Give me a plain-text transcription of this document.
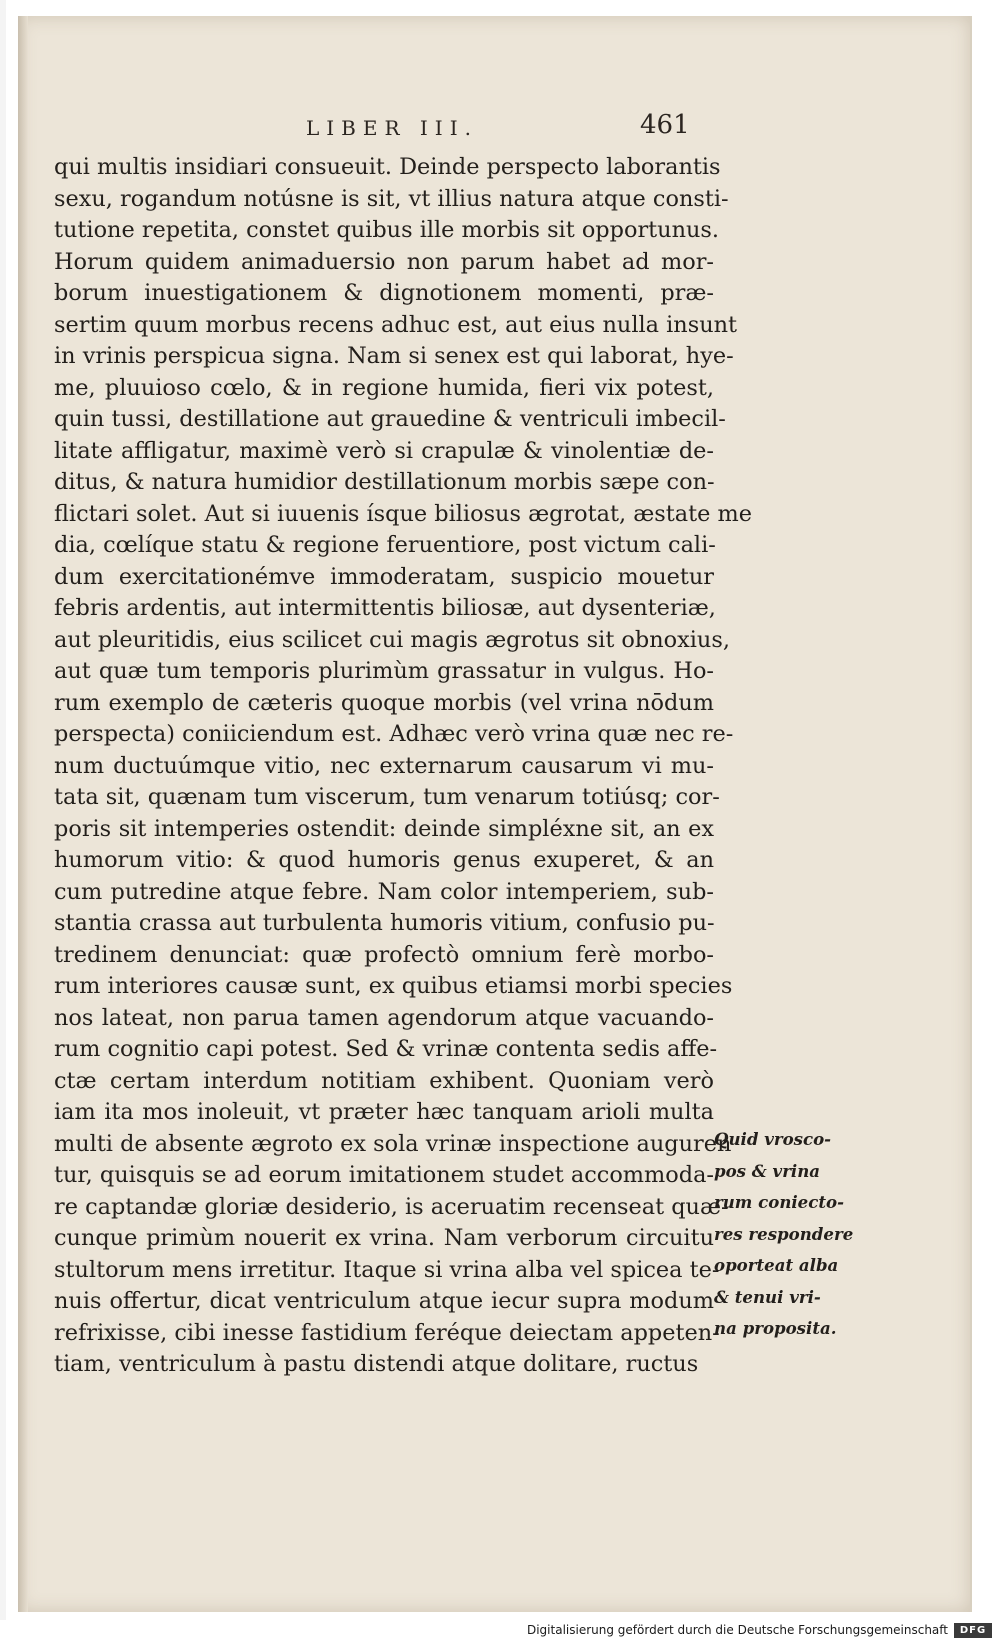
LIBER III.	461
qui multis insidiari consueuit. Deinde perspecto laborantis
sexu, rogandum notúsne is sit, vt illius natura atque consti-
tutione repetita, constet quibus ille morbis sit opportunus.
Horum quidem animaduersio non parum habet ad mor-
borum inuestigationem & dignotionem momenti, præ-
sertim quum morbus recens adhuc est, aut eius nulla insunt
in vrinis perspicua signa. Nam si senex est qui laborat, hye-
me, pluuioso cœlo, & in regione humida, fieri vix potest,
quin tussi, destillatione aut grauedine & ventriculi imbecil-
litate affligatur, maximè verò si crapulæ & vinolentiæ de-
ditus, & natura humidior destillationum morbis sæpe con-
flictari solet. Aut si iuuenis ísque biliosus ægrotat, æstate me
dia, cœlíque statu & regione feruentiore, post victum cali-
dum exercitationémve immoderatam, suspicio mouetur
febris ardentis, aut intermittentis biliosæ, aut dysenteriæ,
aut pleuritidis, eius scilicet cui magis ægrotus sit obnoxius,
aut quæ tum temporis plurimùm grassatur in vulgus. Ho-
rum exemplo de cæteris quoque morbis (vel vrina nōdum
perspecta) coniiciendum est. Adhæc verò vrina quæ nec re-
num ductuúmque vitio, nec externarum causarum vi mu-
tata sit, quænam tum viscerum, tum venarum totiúsq; cor-
poris sit intemperies ostendit: deinde simpléxne sit, an ex
humorum vitio: & quod humoris genus exuperet, & an
cum putredine atque febre. Nam color intemperiem, sub-
stantia crassa aut turbulenta humoris vitium, confusio pu-
tredinem denunciat: quæ profectò omnium ferè morbo-
rum interiores causæ sunt, ex quibus etiamsi morbi species
nos lateat, non parua tamen agendorum atque vacuando-
rum cognitio capi potest. Sed & vrinæ contenta sedis affe-
ctæ certam interdum notitiam exhibent. Quoniam verò
iam ita mos inoleuit, vt præter hæc tanquam arioli multa
multi de absente ægroto ex sola vrinæ inspectione auguren
tur, quisquis se ad eorum imitationem studet accommoda-
re captandæ gloriæ desiderio, is aceruatim recenseat quæ-
cunque primùm nouerit ex vrina. Nam verborum circuitu
stultorum mens irretitur. Itaque si vrina alba vel spicea te-
nuis offertur, dicat ventriculum atque iecur supra modum
refrixisse, cibi inesse fastidium feréque deiectam appeten-
tiam, ventriculum à pastu distendi atque dolitare, ructus
Quid vrosco-
pos & vrina
rum coniecto-
res respondere
oporteat alba
& tenui vri-
na proposita.
Digitalisierung gefördert durch die Deutsche Forschungsgemeinschaft	DFG
